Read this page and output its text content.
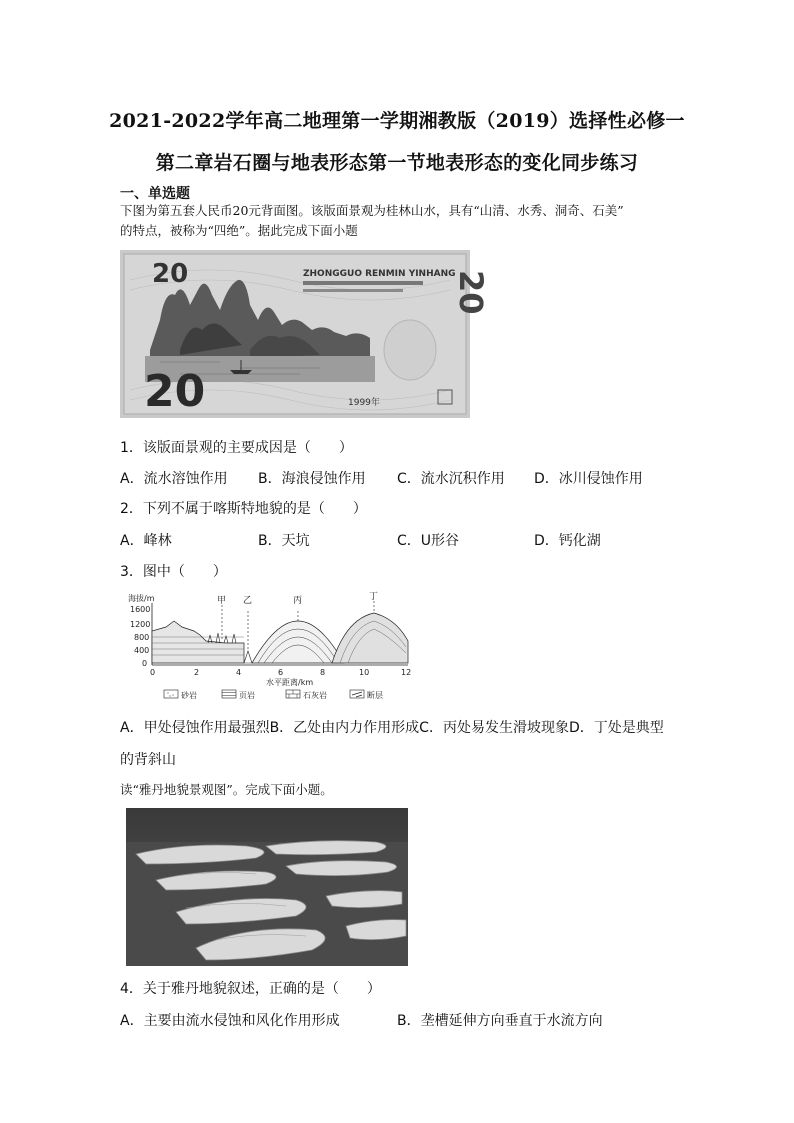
2021-2022学年高二地理第一学期湘教版（2019）选择性必修一
第二章岩石圈与地表形态第一节地表形态的变化同步练习
一、单选题
下图为第五套人民币20元背面图。该版面景观为桂林山水，具有“山清、水秀、洞奇、石美”
的特点，被称为“四绝”。据此完成下面小题
20
20
ZHONGGUO RENMIN YINHANG
20
1999年
1．该版面景观的主要成因是（　　）
A．流水溶蚀作用 B．海浪侵蚀作用 C．流水沉积作用 D．冰川侵蚀作用
2．下列不属于喀斯特地貌的是（　　）
A．峰林	B．天坑	C．U形谷	D．钙化湖
3．图中（　　）
海拔/m
1600
1200
800
400
0
甲 乙	丙	丁
0	2	4	6	8	10	12
水平距离/km
砂岩	页岩	石灰岩	断层
A．甲处侵蚀作用最强烈B．乙处由内力作用形成C．丙处易发生滑坡现象D．丁处是典型
的背斜山
读“雅丹地貌景观图”。完成下面小题。
4．关于雅丹地貌叙述，正确的是（　　）
A．主要由流水侵蚀和风化作用形成	B．垄槽延伸方向垂直于水流方向
